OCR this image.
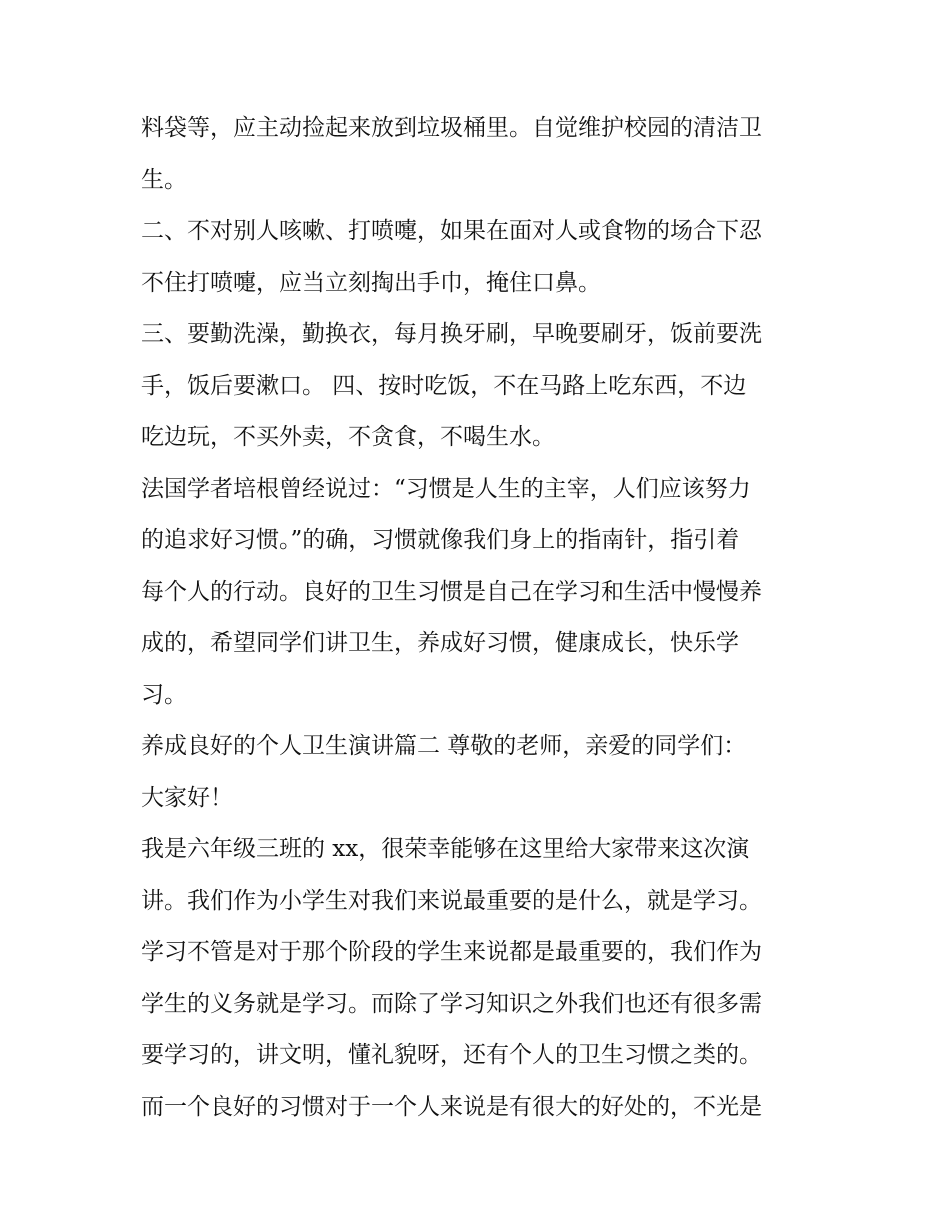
料袋等，应主动捡起来放到垃圾桶里。自觉维护校园的清洁卫
生。
二、不对别人咳嗽、打喷嚏，如果在面对人或食物的场合下忍
不住打喷嚏，应当立刻掏出手巾，掩住口鼻。
三、要勤洗澡，勤换衣，每月换牙刷，早晚要刷牙，饭前要洗
手，饭后要漱口。 四、按时吃饭，不在马路上吃东西，不边
吃边玩，不买外卖，不贪食，不喝生水。
法国学者培根曾经说过：“习惯是人生的主宰，人们应该努力
的追求好习惯。”的确，习惯就像我们身上的指南针，指引着
每个人的行动。良好的卫生习惯是自己在学习和生活中慢慢养
成的，希望同学们讲卫生，养成好习惯，健康成长，快乐学
习。
养成良好的个人卫生演讲篇二 尊敬的老师，亲爱的同学们：
大家好！
我是六年级三班的 xx，很荣幸能够在这里给大家带来这次演
讲。我们作为小学生对我们来说最重要的是什么，就是学习。
学习不管是对于那个阶段的学生来说都是最重要的，我们作为
学生的义务就是学习。而除了学习知识之外我们也还有很多需
要学习的，讲文明，懂礼貌呀，还有个人的卫生习惯之类的。
而一个良好的习惯对于一个人来说是有很大的好处的，不光是
